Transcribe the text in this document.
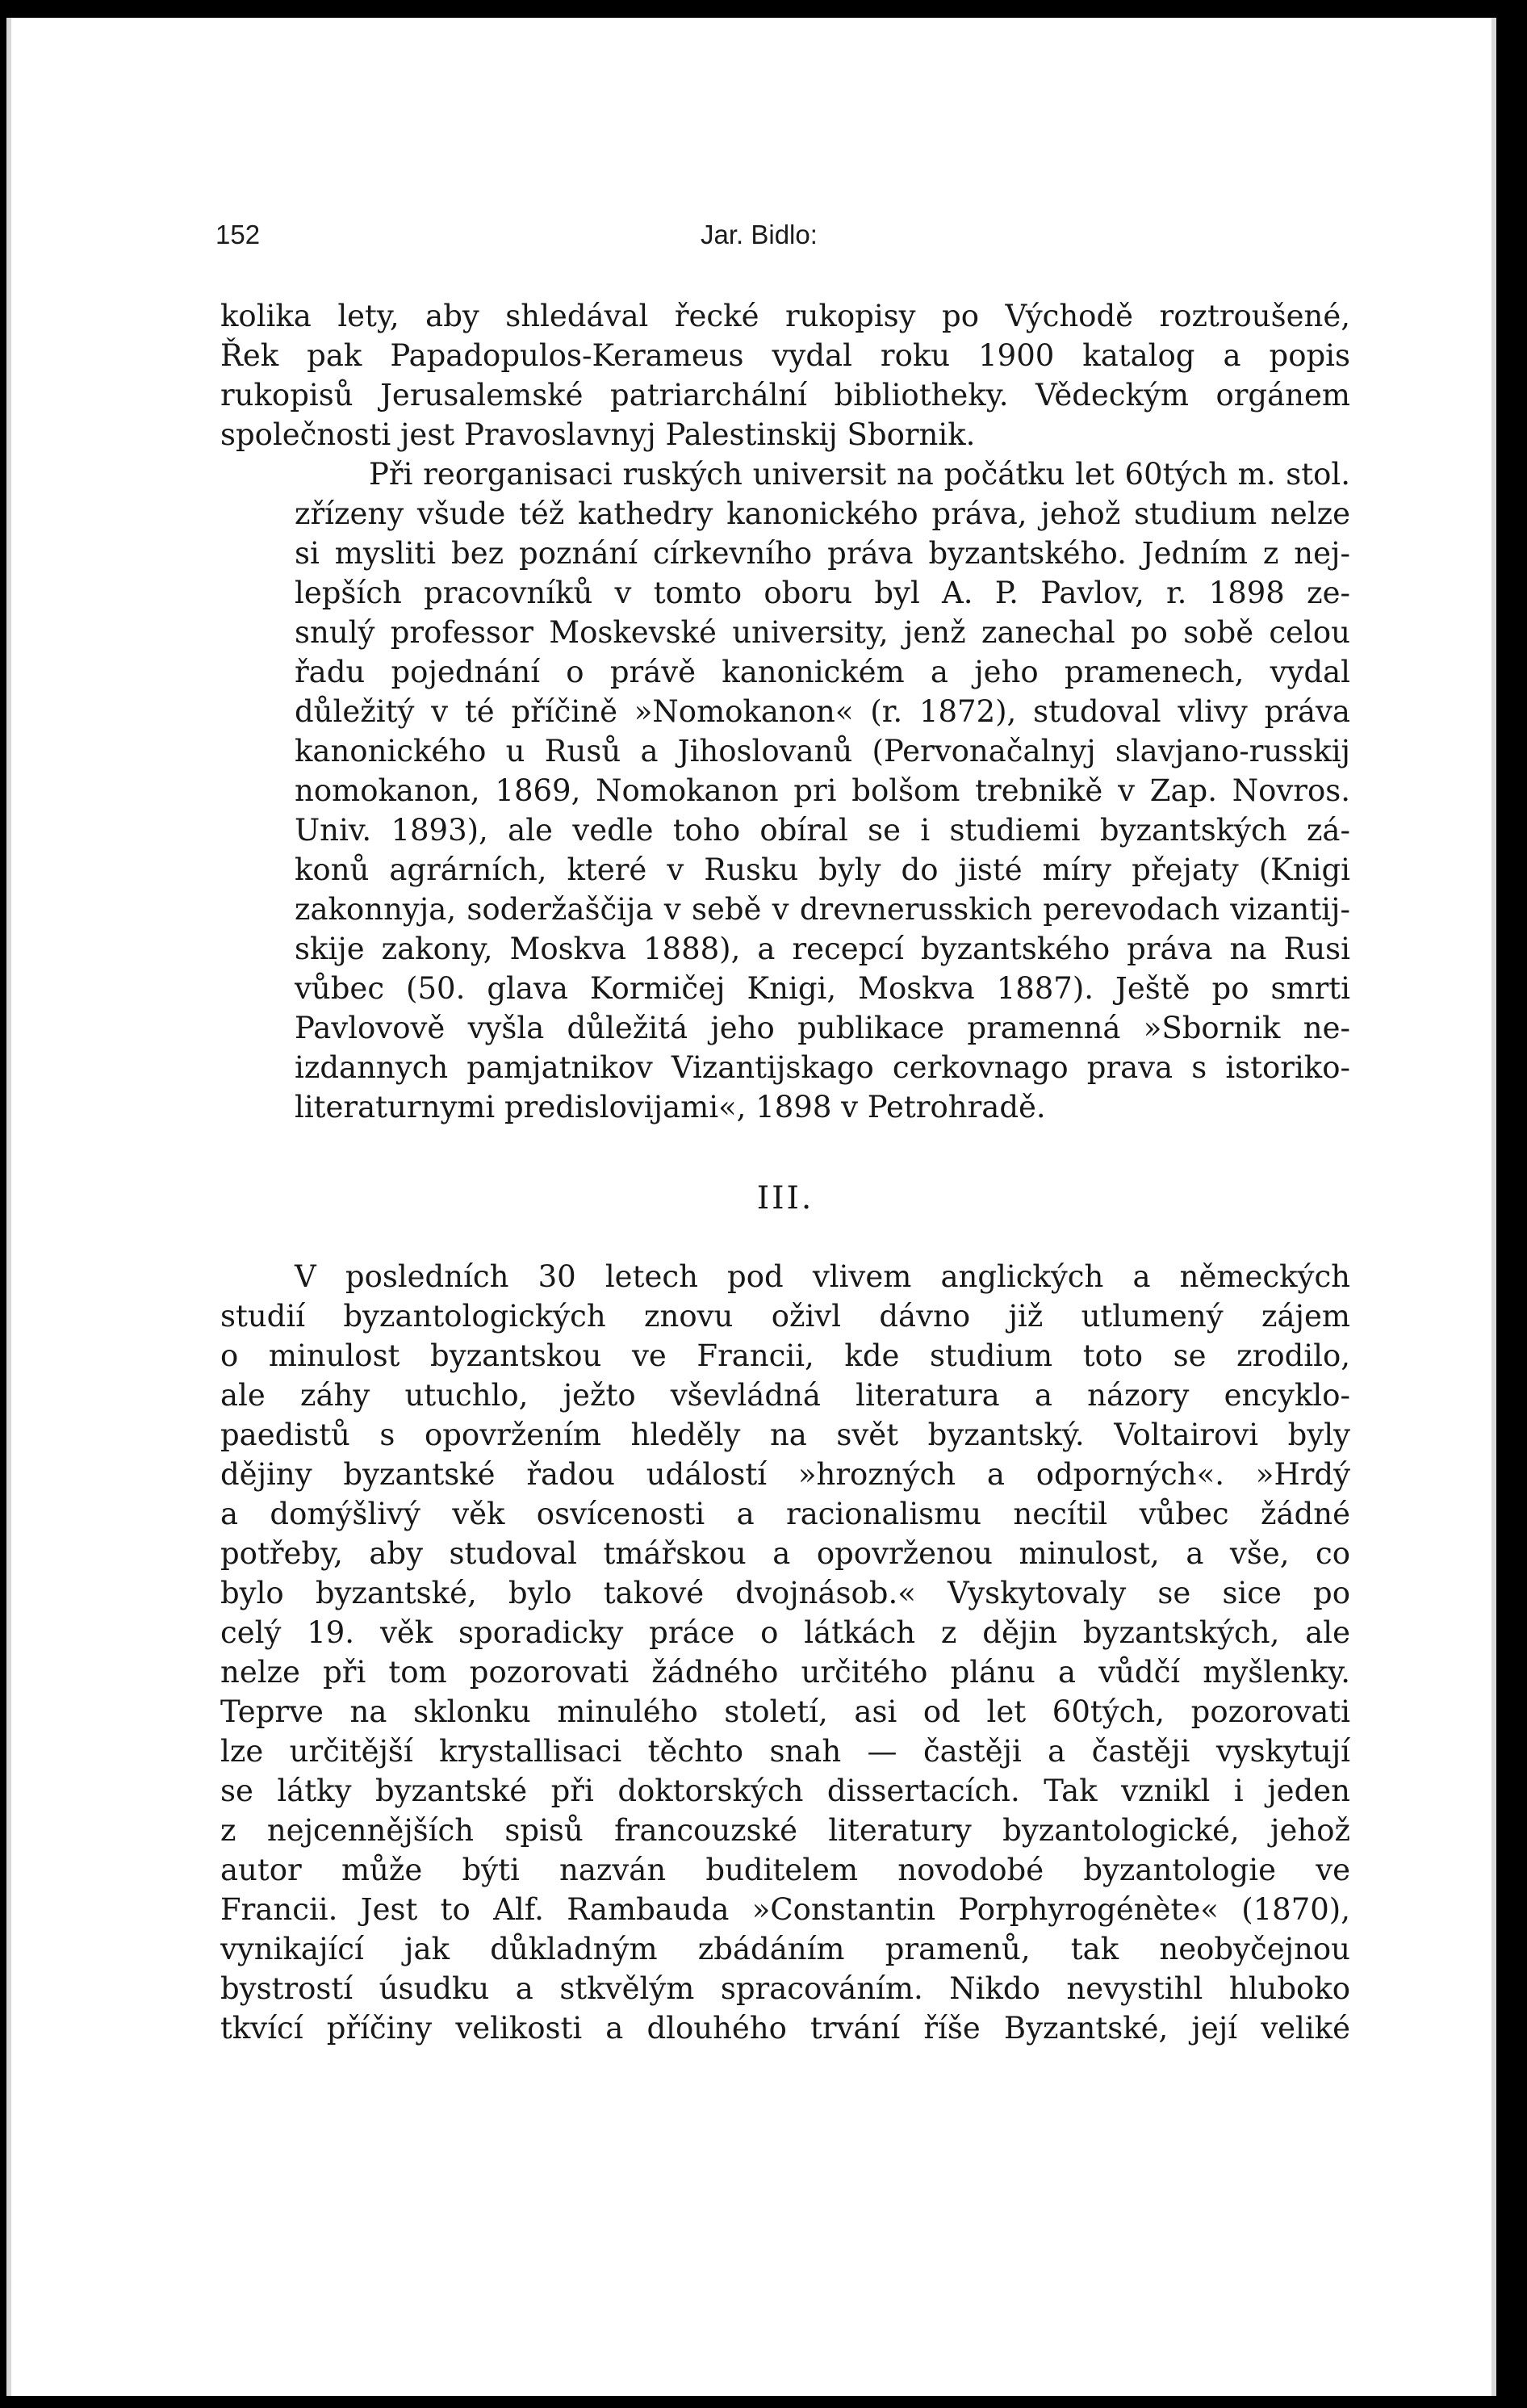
152	Jar. Bidlo:

kolika lety, aby shledával řecké rukopisy po Východě roztroušené,
Řek pak Papadopulos-Kerameus vydal roku 1900 katalog a popis
rukopisů Jerusalemské patriarchální bibliotheky. Vědeckým orgánem
společnosti jest Pravoslavnyj Palestinskij Sbornik.

Při reorganisaci ruských universit na počátku let 60tých m. stol.
zřízeny všude též kathedry kanonického práva, jehož studium nelze
si mysliti bez poznání církevního práva byzantského. Jedním z nej-
lepších pracovníků v tomto oboru byl A. P. Pavlov, r. 1898 ze-
snulý professor Moskevské university, jenž zanechal po sobě celou
řadu pojednání o právě kanonickém a jeho pramenech, vydal
důležitý v té příčině »Nomokanon« (r. 1872), studoval vlivy práva
kanonického u Rusů a Jihoslovanů (Pervonačalnyj slavjano-russkij
nomokanon, 1869, Nomokanon pri bolšom trebnikě v Zap. Novros.
Univ. 1893), ale vedle toho obíral se i studiemi byzantských zá-
konů agrárních, které v Rusku byly do jisté míry přejaty (Knigi
zakonnyja, soderžaščija v sebě v drevnerusskich perevodach vizantij-
skije zakony, Moskva 1888), a recepcí byzantského práva na Rusi
vůbec (50. glava Kormičej Knigi, Moskva 1887). Ještě po smrti
Pavlovově vyšla důležitá jeho publikace pramenná »Sbornik ne-
izdannych pamjatnikov Vizantijskago cerkovnago prava s istoriko-
literaturnymi predislovijami«, 1898 v Petrohradě.

III.

V posledních 30 letech pod vlivem anglických a německých
studií byzantologických znovu oživl dávno již utlumený zájem
o minulost byzantskou ve Francii, kde studium toto se zrodilo,
ale záhy utuchlo, ježto vševládná literatura a názory encyklo-
paedistů s opovržením hleděly na svět byzantský. Voltairovi byly
dějiny byzantské řadou událostí »hrozných a odporných«. »Hrdý
a domýšlivý věk osvícenosti a racionalismu necítil vůbec žádné
potřeby, aby studoval tmářskou a opovrženou minulost, a vše, co
bylo byzantské, bylo takové dvojnásob.« Vyskytovaly se sice po
celý 19. věk sporadicky práce o látkách z dějin byzantských, ale
nelze při tom pozorovati žádného určitého plánu a vůdčí myšlenky.
Teprve na sklonku minulého století, asi od let 60tých, pozorovati
lze určitější krystallisaci těchto snah — častěji a častěji vyskytují
se látky byzantské při doktorských dissertacích. Tak vznikl i jeden
z nejcennějších spisů francouzské literatury byzantologické, jehož
autor může býti nazván buditelem novodobé byzantologie ve
Francii. Jest to Alf. Rambauda »Constantin Porphyrogénète« (1870),
vynikající jak důkladným zbádáním pramenů, tak neobyčejnou
bystrostí úsudku a stkvělým spracováním. Nikdo nevystihl hluboko
tkvící příčiny velikosti a dlouhého trvání říše Byzantské, její veliké
